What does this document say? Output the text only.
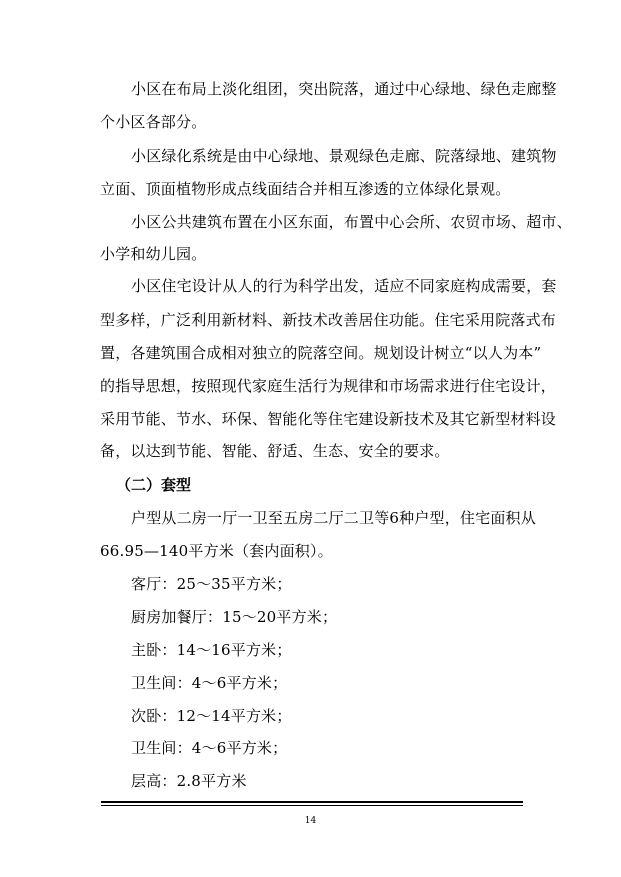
小区在布局上淡化组团，突出院落，通过中心绿地、绿色走廊整
个小区各部分。
小区绿化系统是由中心绿地、景观绿色走廊、院落绿地、建筑物
立面、顶面植物形成点线面结合并相互渗透的立体绿化景观。
小区公共建筑布置在小区东面，布置中心会所、农贸市场、超市、
小学和幼儿园。
小区住宅设计从人的行为科学出发，适应不同家庭构成需要，套
型多样，广泛利用新材料、新技术改善居住功能。住宅采用院落式布
置，各建筑围合成相对独立的院落空间。规划设计树立“以人为本”
的指导思想，按照现代家庭生活行为规律和市场需求进行住宅设计，
采用节能、节水、环保、智能化等住宅建设新技术及其它新型材料设
备，以达到节能、智能、舒适、生态、安全的要求。
（二）套型
户型从二房一厅一卫至五房二厅二卫等6种户型，住宅面积从
66.95—140平方米（套内面积）。
客厅：25～35平方米；
厨房加餐厅：15～20平方米；
主卧：14～16平方米；
卫生间：4～6平方米；
次卧：12～14平方米；
卫生间：4～6平方米；
层高：2.8平方米
14
